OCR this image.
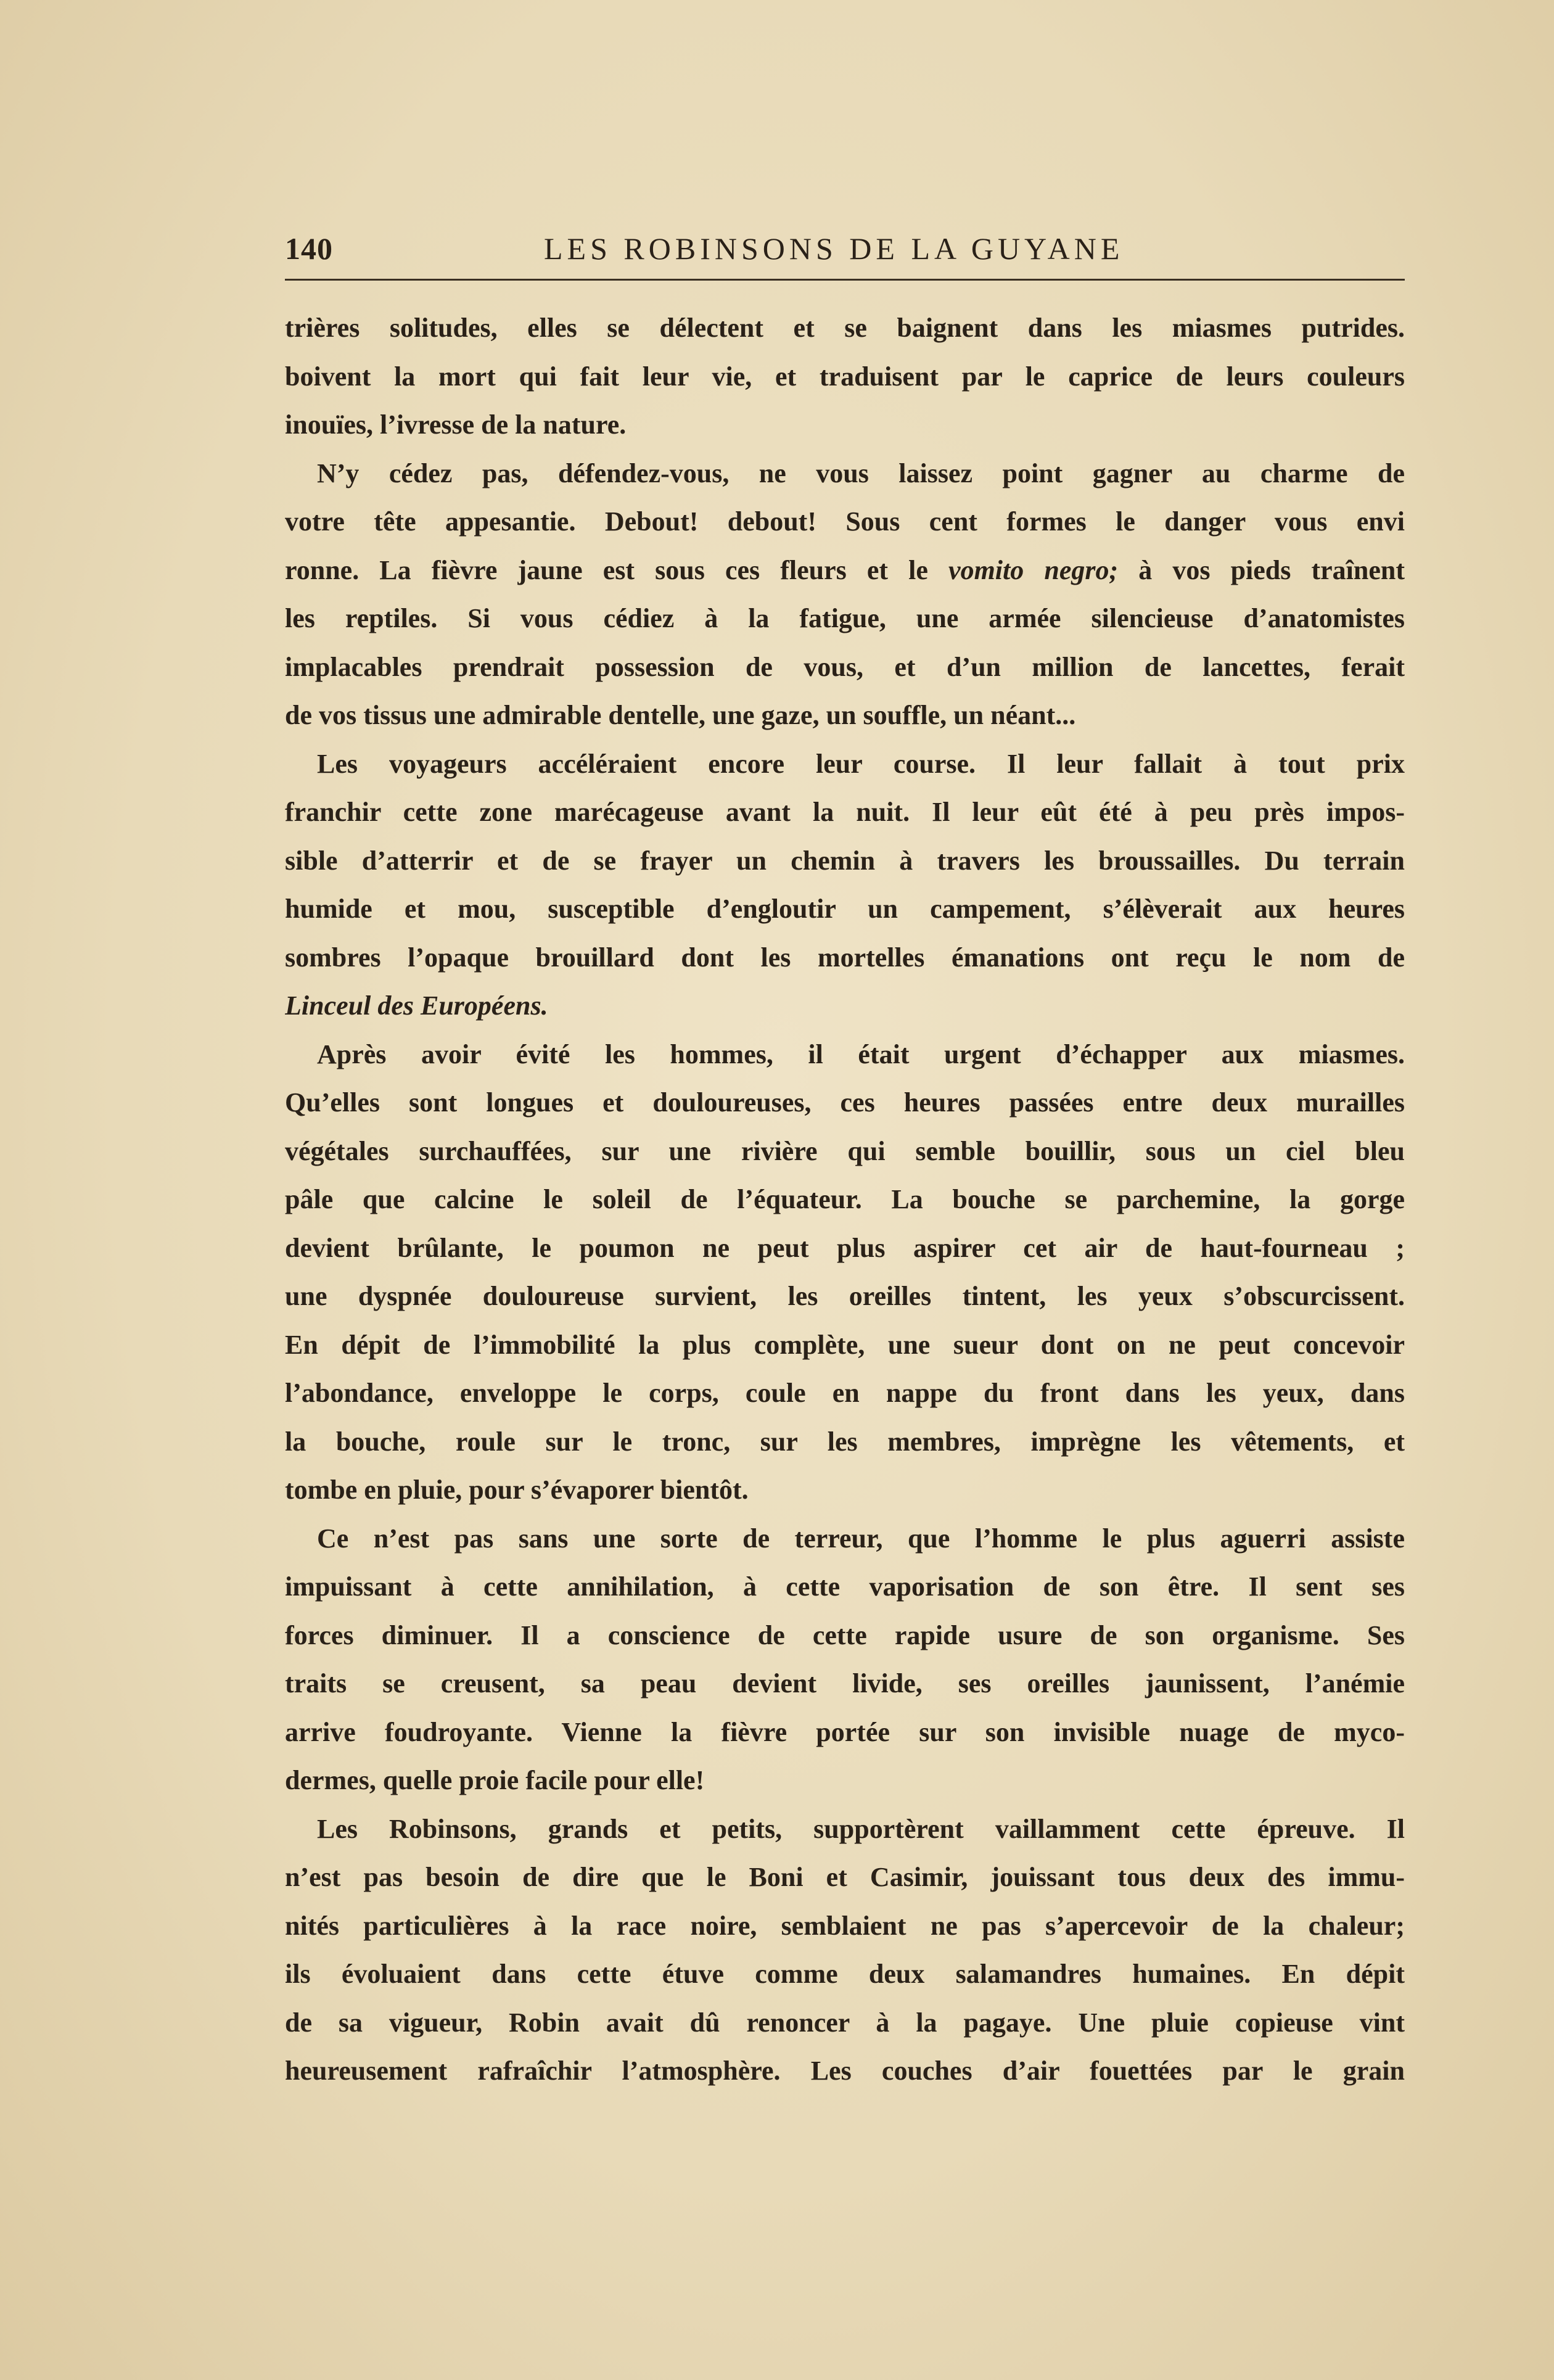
140	LES ROBINSONS DE LA GUYANE
trières solitudes, elles se délectent et se baignent dans les miasmes putrides.
boivent la mort qui fait leur vie, et traduisent par le caprice de leurs couleurs
inouïes, l’ivresse de la nature.
N’y cédez pas, défendez-vous, ne vous laissez point gagner au charme de
votre tête appesantie. Debout! debout! Sous cent formes le danger vous envi
ronne. La fièvre jaune est sous ces fleurs et le vomito negro; à vos pieds traînent
les reptiles. Si vous cédiez à la fatigue, une armée silencieuse d’anatomistes
implacables prendrait possession de vous, et d’un million de lancettes, ferait
de vos tissus une admirable dentelle, une gaze, un souffle, un néant...
Les voyageurs accéléraient encore leur course. Il leur fallait à tout prix
franchir cette zone marécageuse avant la nuit. Il leur eût été à peu près impos-
sible d’atterrir et de se frayer un chemin à travers les broussailles. Du terrain
humide et mou, susceptible d’engloutir un campement, s’élèverait aux heures
sombres l’opaque brouillard dont les mortelles émanations ont reçu le nom de
Linceul des Européens.
Après avoir évité les hommes, il était urgent d’échapper aux miasmes.
Qu’elles sont longues et douloureuses, ces heures passées entre deux murailles
végétales surchauffées, sur une rivière qui semble bouillir, sous un ciel bleu
pâle que calcine le soleil de l’équateur. La bouche se parchemine, la gorge
devient brûlante, le poumon ne peut plus aspirer cet air de haut-fourneau ;
une dyspnée douloureuse survient, les oreilles tintent, les yeux s’obscurcissent.
En dépit de l’immobilité la plus complète, une sueur dont on ne peut concevoir
l’abondance, enveloppe le corps, coule en nappe du front dans les yeux, dans
la bouche, roule sur le tronc, sur les membres, imprègne les vêtements, et
tombe en pluie, pour s’évaporer bientôt.
Ce n’est pas sans une sorte de terreur, que l’homme le plus aguerri assiste
impuissant à cette annihilation, à cette vaporisation de son être. Il sent ses
forces diminuer. Il a conscience de cette rapide usure de son organisme. Ses
traits se creusent, sa peau devient livide, ses oreilles jaunissent, l’anémie
arrive foudroyante. Vienne la fièvre portée sur son invisible nuage de myco-
dermes, quelle proie facile pour elle!
Les Robinsons, grands et petits, supportèrent vaillamment cette épreuve. Il
n’est pas besoin de dire que le Boni et Casimir, jouissant tous deux des immu-
nités particulières à la race noire, semblaient ne pas s’apercevoir de la chaleur;
ils évoluaient dans cette étuve comme deux salamandres humaines. En dépit
de sa vigueur, Robin avait dû renoncer à la pagaye. Une pluie copieuse vint
heureusement rafraîchir l’atmosphère. Les couches d’air fouettées par le grain
